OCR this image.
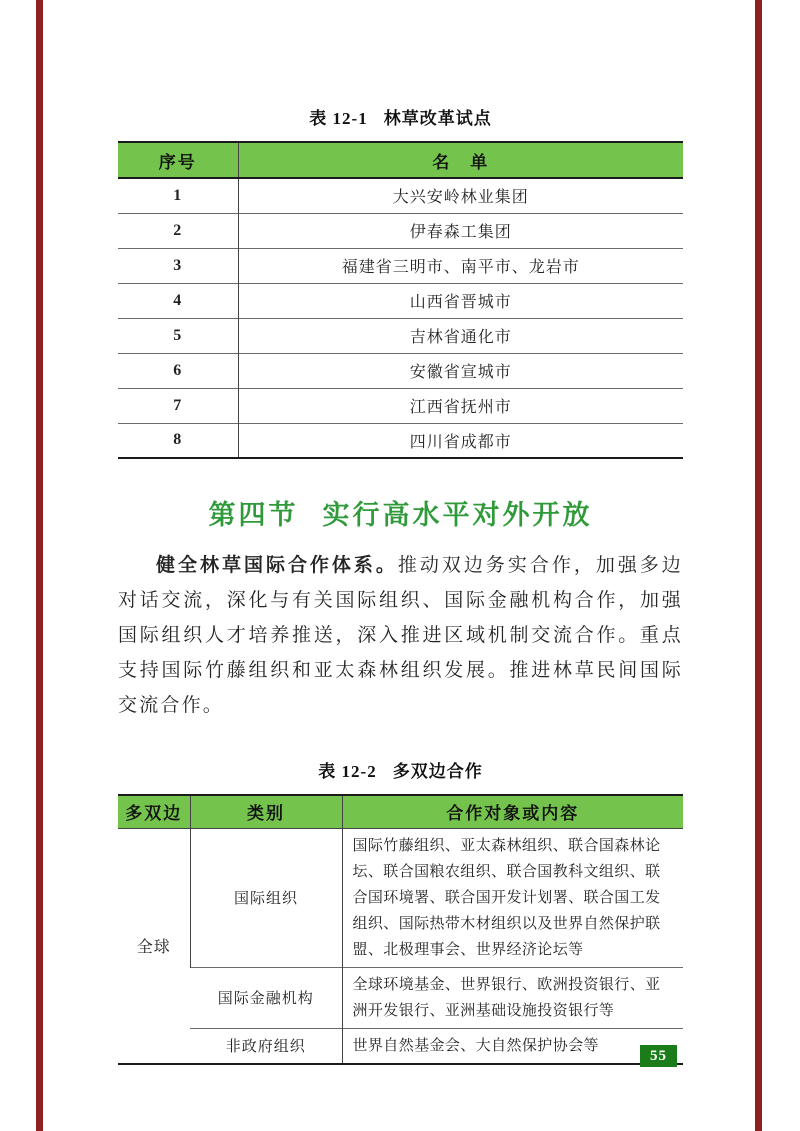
表 12-1 林草改革试点
序号	名　单
1	大兴安岭林业集团
2	伊春森工集团
3	福建省三明市、南平市、龙岩市
4	山西省晋城市
5	吉林省通化市
6	安徽省宣城市
7	江西省抚州市
8	四川省成都市
第四节 实行高水平对外开放

健全林草国际合作体系。推动双边务实合作，加强多边对话交流，深化与有关国际组织、国际金融机构合作，加强国际组织人才培养推送，深入推进区域机制交流合作。重点支持国际竹藤组织和亚太森林组织发展。推进林草民间国际交流合作。

表 12-2 多双边合作
多双边	类别	合作对象或内容
全球	国际组织	国际竹藤组织、亚太森林组织、联合国森林论坛、联合国粮农组织、联合国教科文组织、联合国环境署、联合国开发计划署、联合国工发组织、国际热带木材组织以及世界自然保护联盟、北极理事会、世界经济论坛等
	国际金融机构	全球环境基金、世界银行、欧洲投资银行、亚洲开发银行、亚洲基础设施投资银行等
	非政府组织	世界自然基金会、大自然保护协会等
55
